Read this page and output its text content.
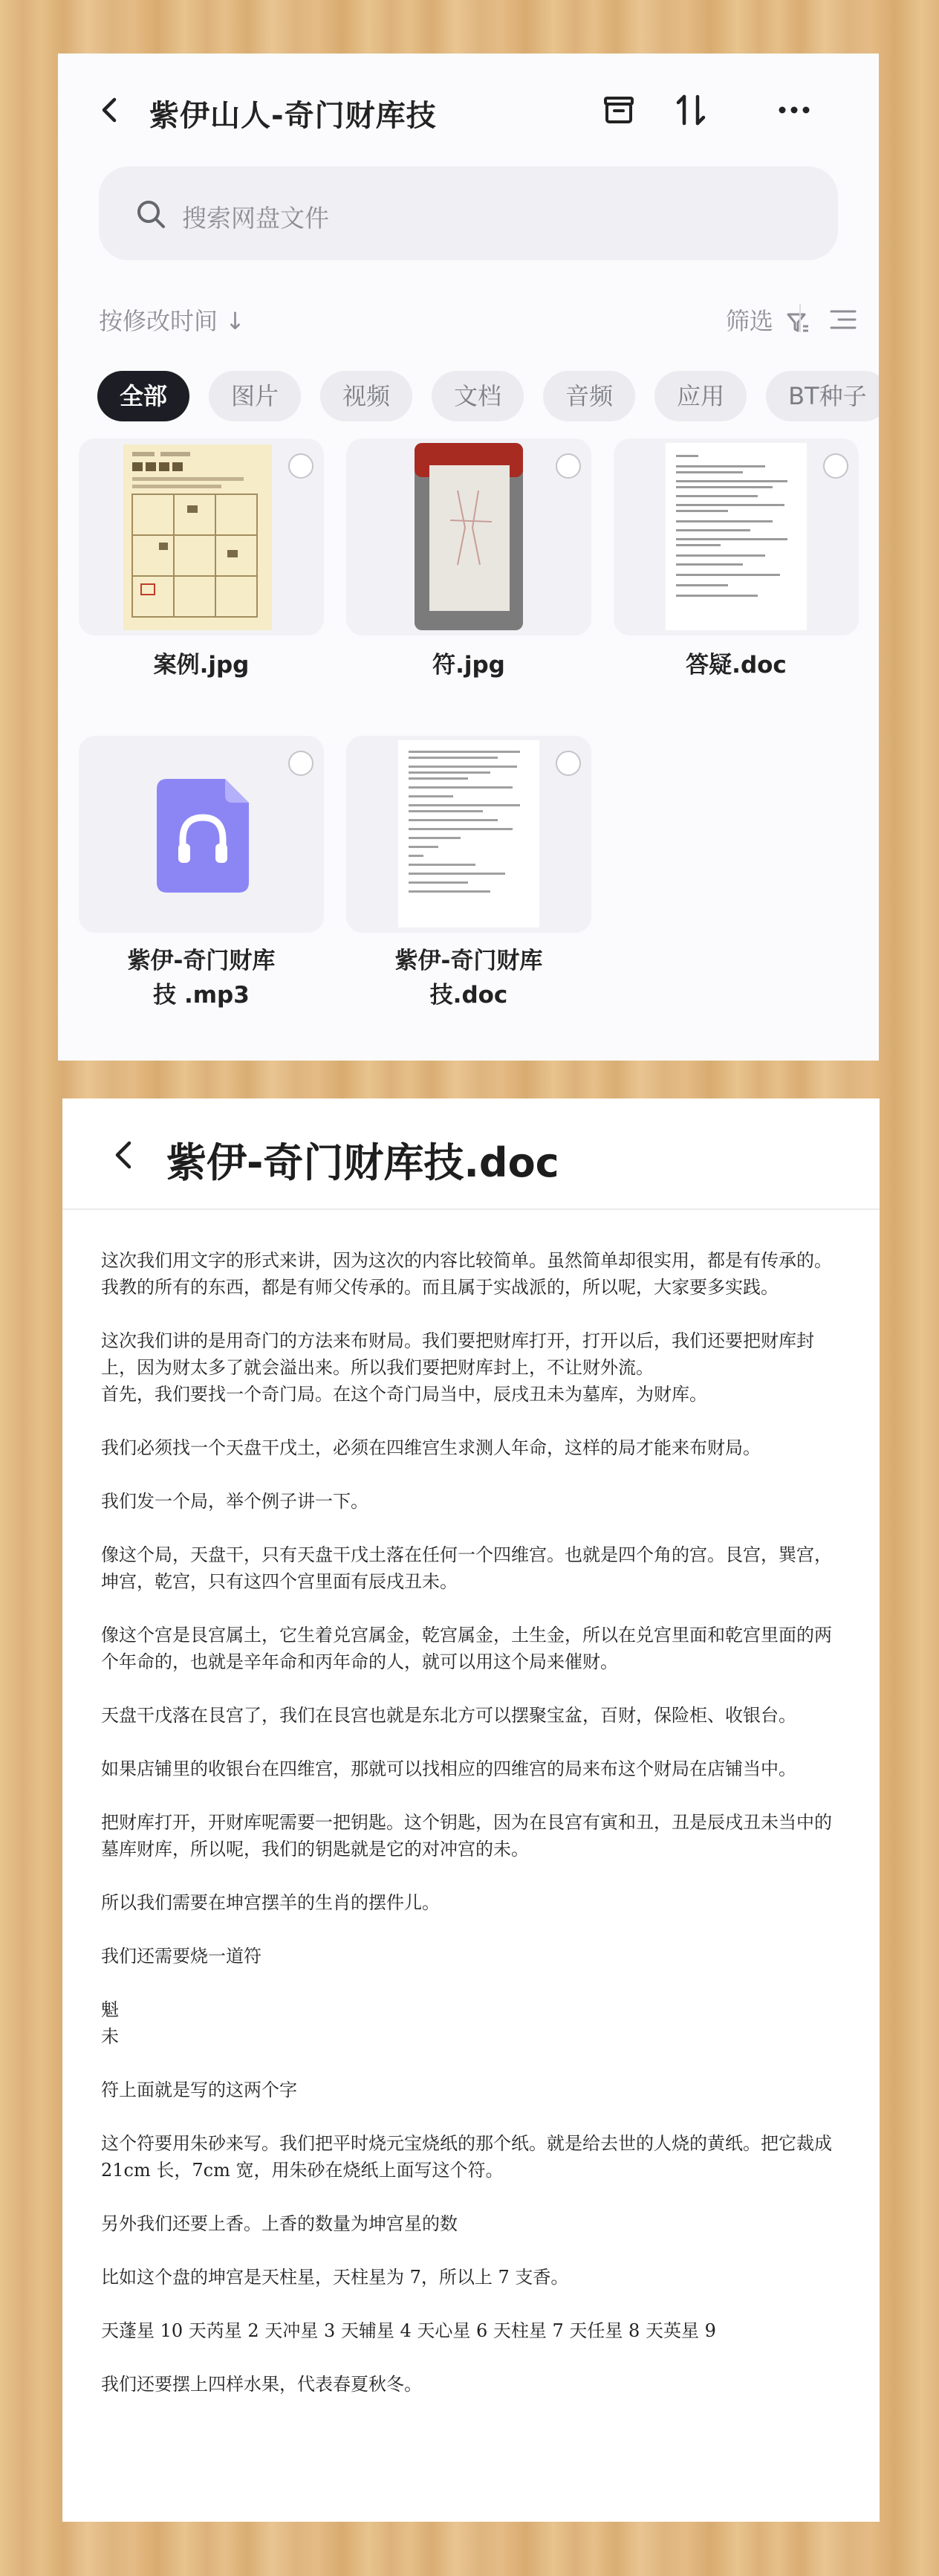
紫伊山人-奇门财库技
搜索网盘文件
按修改时间 ↓	筛选
全部	图片	视频	文档	音频	应用	BT种子
案例.jpg	符.jpg	答疑.doc
紫伊-奇门财库
技 .mp3
紫伊-奇门财库
技.doc
紫伊-奇门财库技.doc

这次我们用文字的形式来讲，因为这次的内容比较简单。虽然简单却很实用，都是有传承的。我教的所有的东西，都是有师父传承的。而且属于实战派的，所以呢，大家要多实践。

这次我们讲的是用奇门的方法来布财局。我们要把财库打开，打开以后，我们还要把财库封上，因为财太多了就会溢出来。所以我们要把财库封上，不让财外流。

首先，我们要找一个奇门局。在这个奇门局当中，辰戌丑未为墓库，为财库。

我们必须找一个天盘干戊土，必须在四维宫生求测人年命，这样的局才能来布财局。

我们发一个局，举个例子讲一下。

像这个局，天盘干，只有天盘干戊土落在任何一个四维宫。也就是四个角的宫。艮宫，巽宫，坤宫，乾宫，只有这四个宫里面有辰戌丑未。

像这个宫是艮宫属土，它生着兑宫属金，乾宫属金，土生金，所以在兑宫里面和乾宫里面的两个年命的，也就是辛年命和丙年命的人，就可以用这个局来催财。

天盘干戊落在艮宫了，我们在艮宫也就是东北方可以摆聚宝盆，百财，保险柜、收银台。

如果店铺里的收银台在四维宫，那就可以找相应的四维宫的局来布这个财局在店铺当中。

把财库打开，开财库呢需要一把钥匙。这个钥匙，因为在艮宫有寅和丑，丑是辰戌丑未当中的墓库财库，所以呢，我们的钥匙就是它的对冲宫的未。

所以我们需要在坤宫摆羊的生肖的摆件儿。

我们还需要烧一道符

魁

未

符上面就是写的这两个字

这个符要用朱砂来写。我们把平时烧元宝烧纸的那个纸。就是给去世的人烧的黄纸。把它裁成 21cm 长，7cm 宽，用朱砂在烧纸上面写这个符。

另外我们还要上香。上香的数量为坤宫星的数

比如这个盘的坤宫是天柱星，天柱星为 7，所以上 7 支香。

天蓬星 10 天芮星 2 天冲星 3 天辅星 4 天心星 6 天柱星 7 天任星 8 天英星 9

我们还要摆上四样水果，代表春夏秋冬。
